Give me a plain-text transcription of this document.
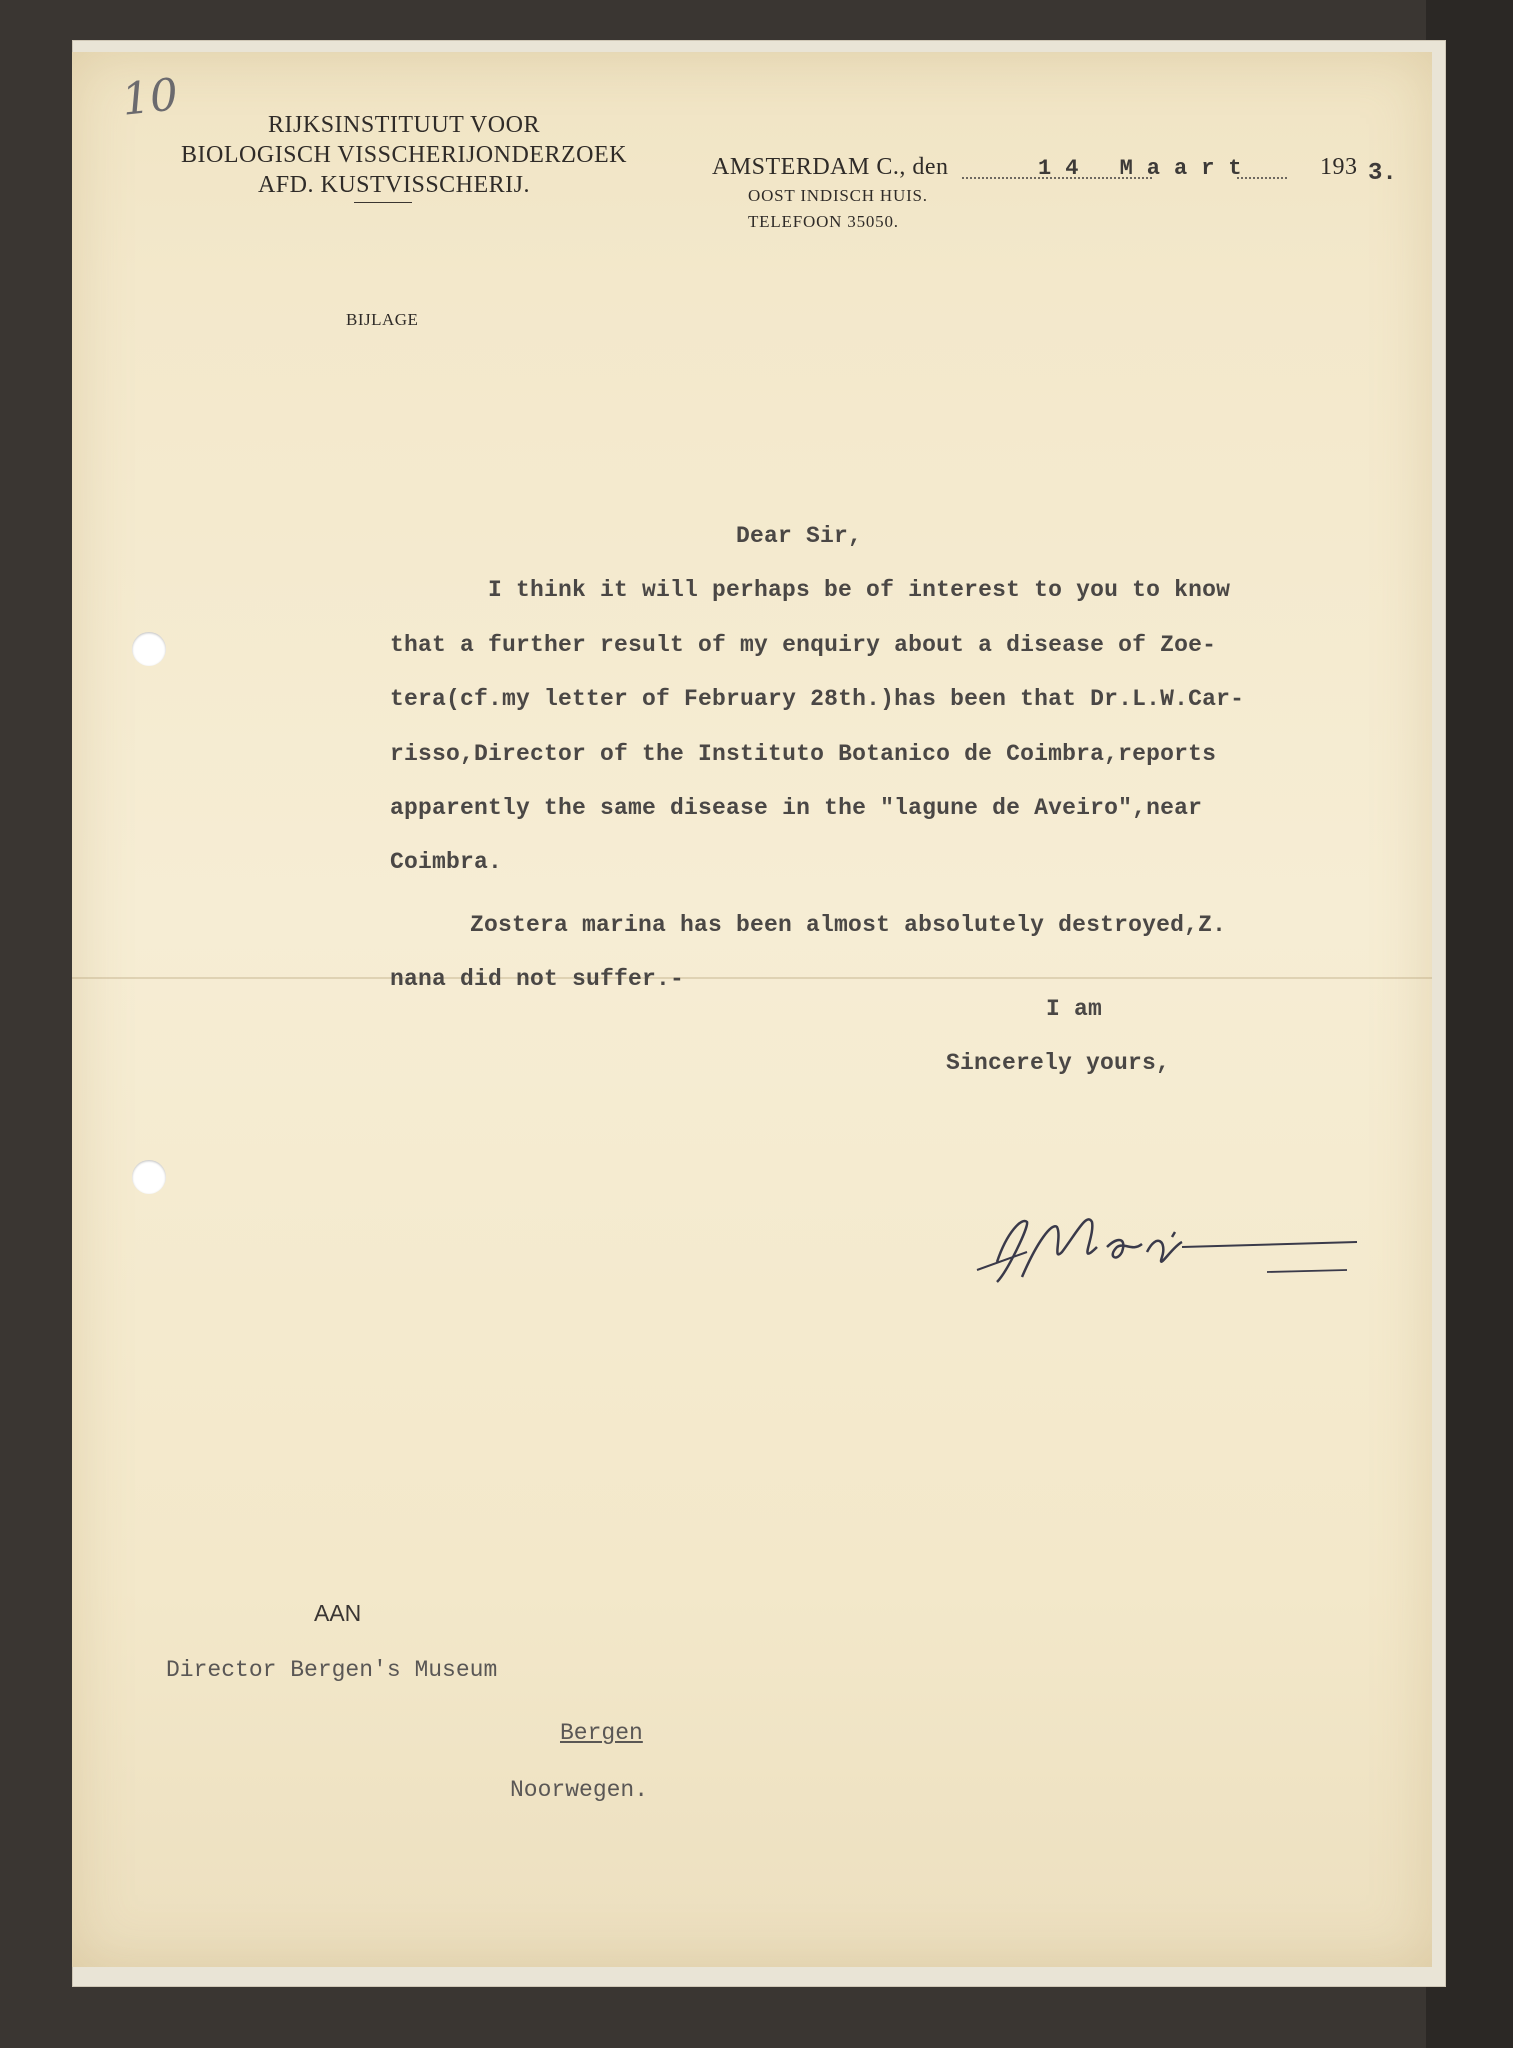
10	RIJKSINSTITUUT VOOR
BIOLOGISCH VISSCHERIJONDERZOEK
AFD. KUSTVISSCHERIJ.
AMSTERDAM C., den	14 Maart	193 3.
OOST INDISCH HUIS.
TELEFOON 35050.
BIJLAGE
Dear Sir,
I think it will perhaps be of interest to you to know
that a further result of my enquiry about a disease of Zoe-
tera(cf.my letter of February 28th.)has been that Dr.L.W.Car-
risso,Director of the Instituto Botanico de Coimbra,reports
apparently the same disease in the "lagune de Aveiro",near
Coimbra.
Zostera marina has been almost absolutely destroyed,Z.
nana did not suffer.-
I am
Sincerely yours,
AAN
Director Bergen's Museum
Bergen
Noorwegen.
